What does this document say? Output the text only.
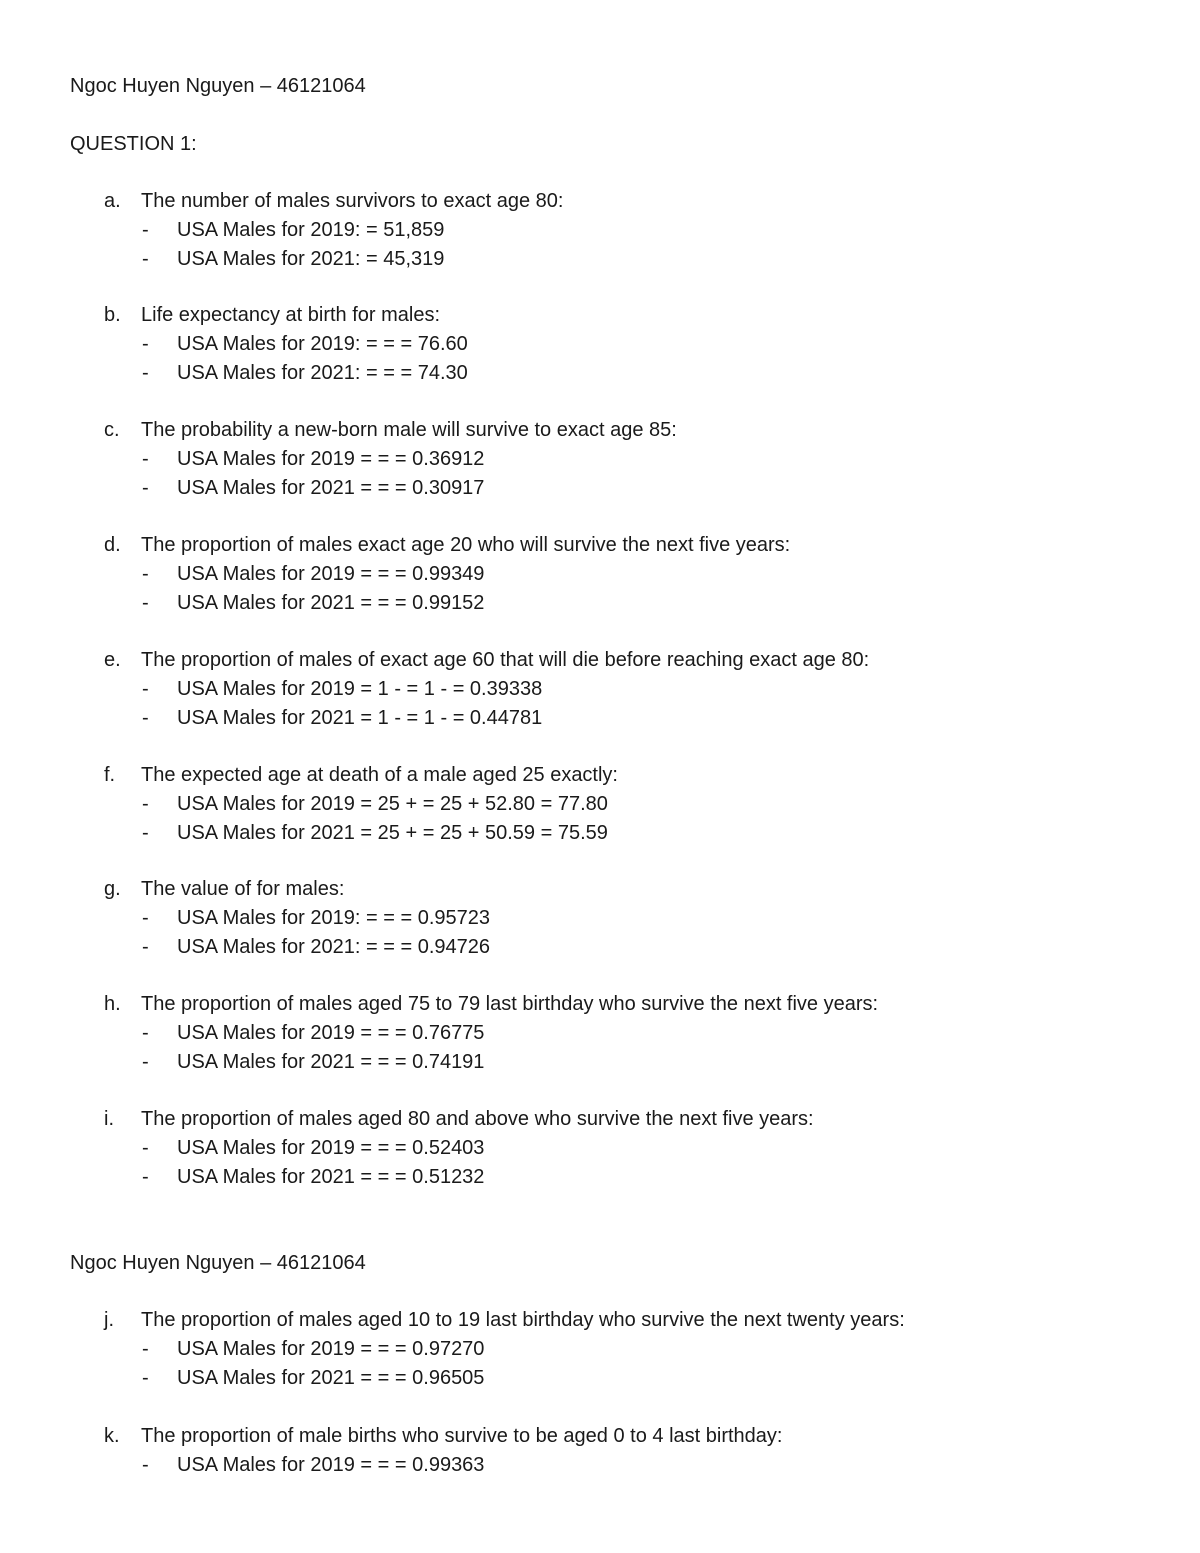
Ngoc Huyen Nguyen – 46121064
QUESTION 1:
a. The number of males survivors to exact age 80:
- USA Males for 2019: = 51,859
- USA Males for 2021: = 45,319
b. Life expectancy at birth for males:
- USA Males for 2019: = = = 76.60
- USA Males for 2021: = = = 74.30
c. The probability a new-born male will survive to exact age 85:
- USA Males for 2019 = = = 0.36912
- USA Males for 2021 = = = 0.30917
d. The proportion of males exact age 20 who will survive the next five years:
- USA Males for 2019 = = = 0.99349
- USA Males for 2021 = = = 0.99152
e. The proportion of males of exact age 60 that will die before reaching exact age 80:
- USA Males for 2019 = 1 - = 1 - = 0.39338
- USA Males for 2021 = 1 - = 1 - = 0.44781
f. The expected age at death of a male aged 25 exactly:
- USA Males for 2019 = 25 + = 25 + 52.80 = 77.80
- USA Males for 2021 = 25 + = 25 + 50.59 = 75.59
g. The value of for males:
- USA Males for 2019: = = = 0.95723
- USA Males for 2021: = = = 0.94726
h. The proportion of males aged 75 to 79 last birthday who survive the next five years:
- USA Males for 2019 = = = 0.76775
- USA Males for 2021 = = = 0.74191
i. The proportion of males aged 80 and above who survive the next five years:
- USA Males for 2019 = = = 0.52403
- USA Males for 2021 = = = 0.51232
Ngoc Huyen Nguyen – 46121064
j. The proportion of males aged 10 to 19 last birthday who survive the next twenty years:
- USA Males for 2019 = = = 0.97270
- USA Males for 2021 = = = 0.96505
k. The proportion of male births who survive to be aged 0 to 4 last birthday:
- USA Males for 2019 = = = 0.99363
